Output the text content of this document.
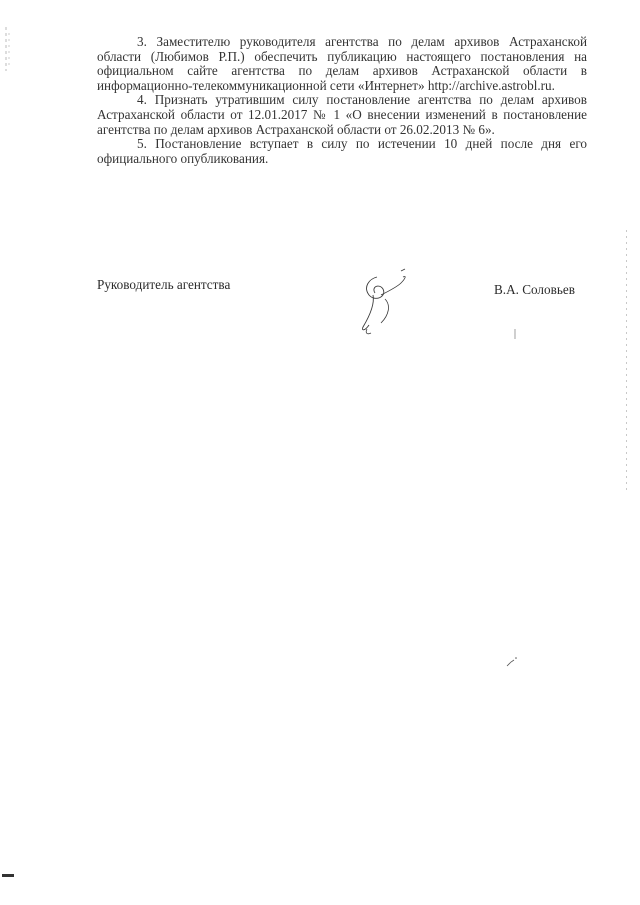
3. Заместителю руководителя агентства по делам архивов Астраханской области (Любимов Р.П.) обеспечить публикацию настоящего постановления на официальном сайте агентства по делам архивов Астраханской области в информационно-телекоммуникационной сети «Интернет» http://archive.astrobl.ru.

4. Признать утратившим силу постановление агентства по делам архивов Астраханской области от 12.01.2017 № 1 «О внесении изменений в постановление агентства по делам архивов Астраханской области от 26.02.2013 № 6».

5. Постановление вступает в силу по истечении 10 дней после дня его официального опубликования.

Руководитель агентства	В.А. Соловьев
